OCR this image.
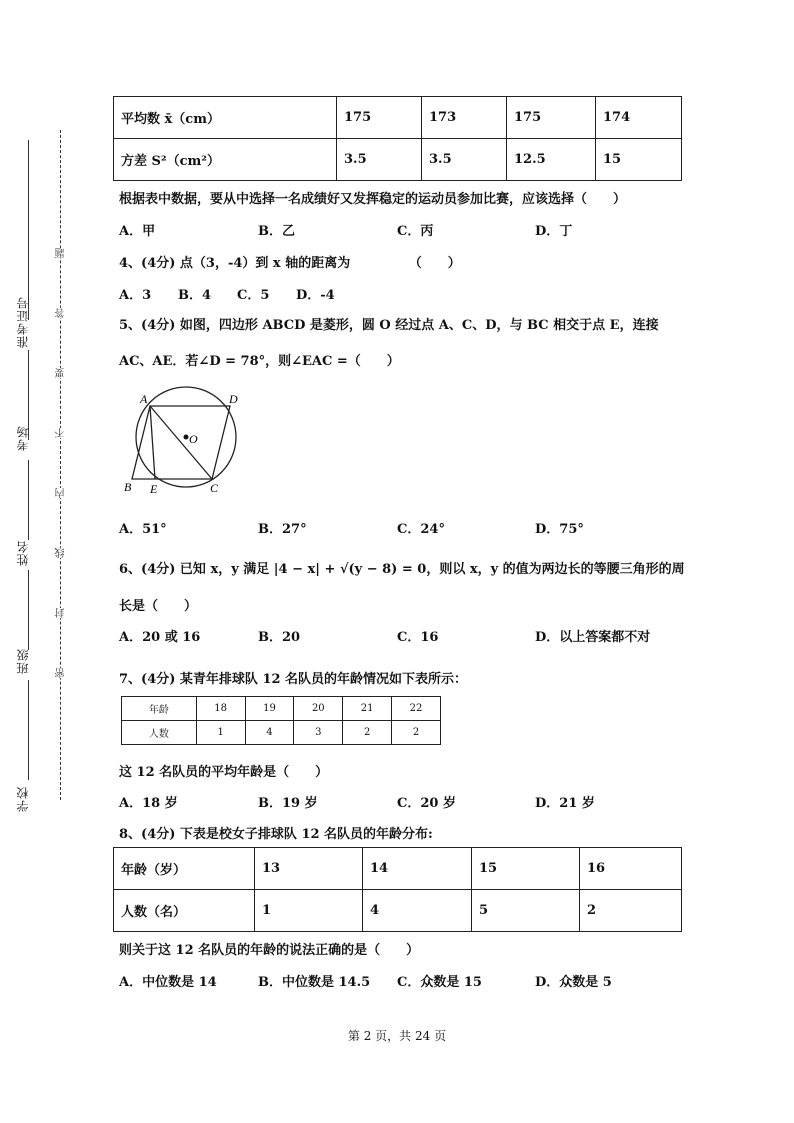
准考证号
考场
姓名
班级
学校
题
答
要
不
内
线
封
密
平均数 x̄（cm）	175	173	175	174
方差 S²（cm²）	3.5	3.5	12.5	15
根据表中数据，要从中选择一名成绩好又发挥稳定的运动员参加比赛，应该选择（　　）
A．甲	B．乙	C．丙	D．丁
4、(4分) 点（3，-4）到 x 轴的距离为　　　　　（　　）
A．3 B．4 C．5 D．-4
5、(4分) 如图，四边形 ABCD 是菱形，圆 O 经过点 A、C、D，与 BC 相交于点 E，连接
AC、AE．若∠D = 78°，则∠EAC =（　　）
A	D
O
B E	C
A．51°	B．27°	C．24°	D．75°
6、(4分) 已知 x，y 满足 |4 − x| + √(y − 8) = 0，则以 x，y 的值为两边长的等腰三角形的周
长是（　　）
A．20 或 16	B．20	C．16	D．以上答案都不对
7、(4分) 某青年排球队 12 名队员的年龄情况如下表所示：
年龄	18	19	20	21	22
人数	1	4	3	2	2
这 12 名队员的平均年龄是（　　）
A．18 岁	B．19 岁	C．20 岁	D．21 岁
8、(4分) 下表是校女子排球队 12 名队员的年龄分布:
年龄（岁）	13	14	15	16
人数（名）	1	4	5	2
则关于这 12 名队员的年龄的说法正确的是（　　）
A．中位数是 14	B．中位数是 14.5 C．众数是 15	D．众数是 5
第 2 页，共 24 页
